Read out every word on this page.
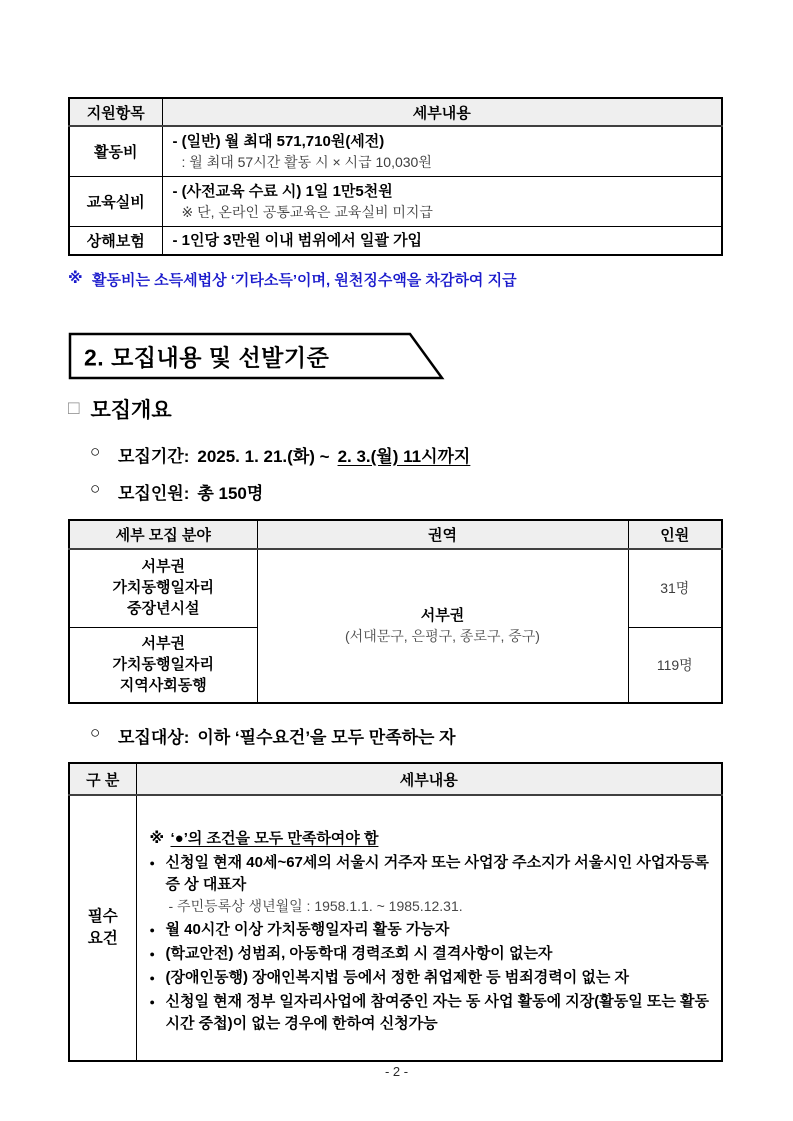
지원항목	세부내용
활동비	- (일반) 월 최대 571,710원(세전)
: 월 최대 57시간 활동 시 × 시급 10,030원

교육실비	- (사전교육 수료 시) 1일 1만5천원
※ 단, 온라인 공통교육은 교육실비 미지급

상해보험	- 1인당 3만원 이내 범위에서 일괄 가입
※ 활동비는 소득세법상 ‘기타소득’이며, 원천징수액을 차감하여 지급
2. 모집내용 및 선발기준
□ 모집개요
○	모집기간: 2025. 1. 21.(화) ~ 2. 3.(월) 11시까지
○	모집인원: 총 150명
세부 모집 분야	권역	인원

서부권
가치동행일자리
중장년시설	서부권
(서대문구, 은평구, 종로구, 중구)
	31명

서부권
가치동행일자리
지역사회동행		119명
○	모집대상: 이하 ‘필수요건’을 모두 만족하는 자
구 분	세부내용

필수
요건

※ ‘●’의 조건을 모두 만족하여야 함
● 신청일 현재 40세~67세의 서울시 거주자 또는 사업장 주소지가 서울시인 사업자등록증 상 대표자
- 주민등록상 생년월일 : 1958.1.1. ~ 1985.12.31.
● 월 40시간 이상 가치동행일자리 활동 가능자
● (학교안전) 성범죄, 아동학대 경력조회 시 결격사항이 없는자
● (장애인동행) 장애인복지법 등에서 정한 취업제한 등 범죄경력이 없는 자
● 신청일 현재 정부 일자리사업에 참여중인 자는 동 사업 활동에 지장(활동일 또는 활동시간 중첩)이 없는 경우에 한하여 신청가능
- 2 -
